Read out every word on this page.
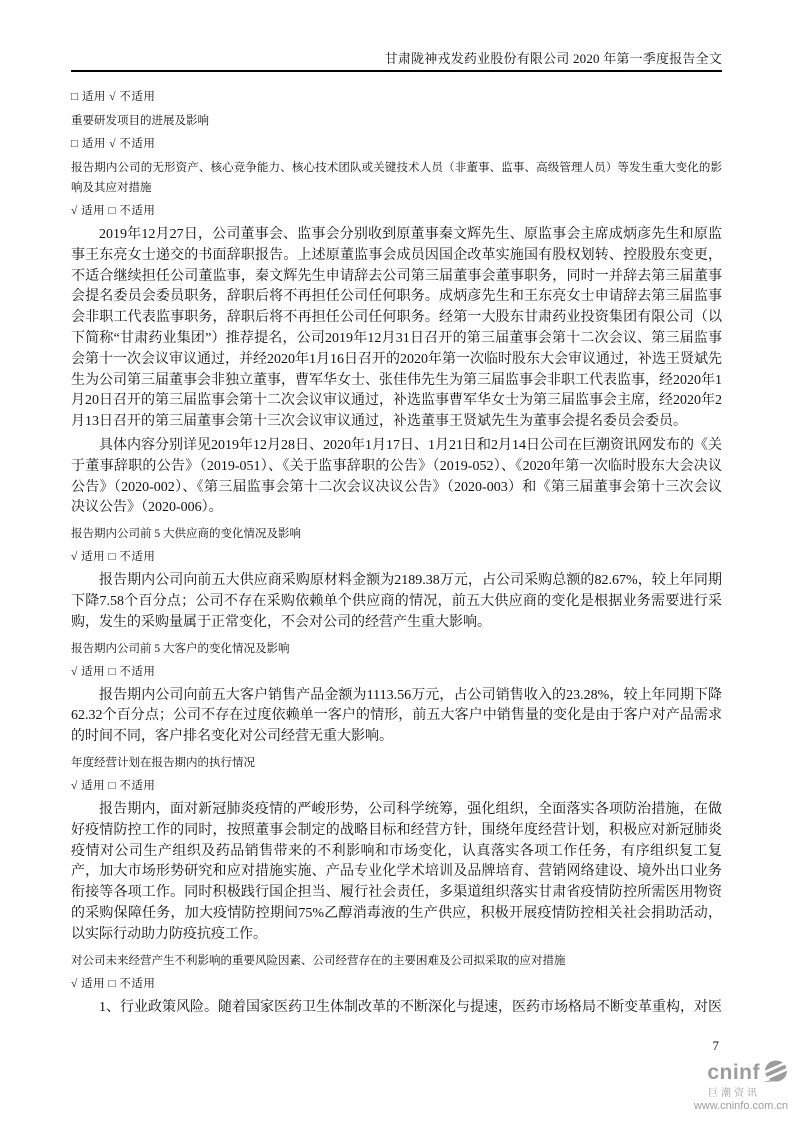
甘肃陇神戎发药业股份有限公司 2020 年第一季度报告全文
□ 适用 √ 不适用
重要研发项目的进展及影响
□ 适用 √ 不适用
报告期内公司的无形资产、核心竞争能力、核心技术团队或关键技术人员（非董事、监事、高级管理人员）等发生重大变化的影响及其应对措施
√ 适用 □ 不适用
2019年12月27日，公司董事会、监事会分别收到原董事秦文辉先生、原监事会主席成炳彦先生和原监事王东亮女士递交的书面辞职报告。上述原董监事会成员因国企改革实施国有股权划转、控股股东变更，不适合继续担任公司董监事，秦文辉先生申请辞去公司第三届董事会董事职务，同时一并辞去第三届董事会提名委员会委员职务，辞职后将不再担任公司任何职务。成炳彦先生和王东亮女士申请辞去第三届监事会非职工代表监事职务，辞职后将不再担任公司任何职务。经第一大股东甘肃药业投资集团有限公司（以下简称“甘肃药业集团”）推荐提名，公司2019年12月31日召开的第三届董事会第十二次会议、第三届监事会第十一次会议审议通过，并经2020年1月16日召开的2020年第一次临时股东大会审议通过，补选王贤斌先生为公司第三届董事会非独立董事，曹军华女士、张佳伟先生为第三届监事会非职工代表监事，经2020年1月20日召开的第三届监事会第十二次会议审议通过，补选监事曹军华女士为第三届监事会主席，经2020年2月13日召开的第三届董事会第十三次会议审议通过，补选董事王贤斌先生为董事会提名委员会委员。
具体内容分别详见2019年12月28日、2020年1月17日、1月21日和2月14日公司在巨潮资讯网发布的《关于董事辞职的公告》（2019-051）、《关于监事辞职的公告》（2019-052）、《2020年第一次临时股东大会决议公告》（2020-002）、《第三届监事会第十二次会议决议公告》（2020-003）和《第三届董事会第十三次会议决议公告》（2020-006）。
报告期内公司前 5 大供应商的变化情况及影响
√ 适用 □ 不适用
报告期内公司向前五大供应商采购原材料金额为2189.38万元，占公司采购总额的82.67%，较上年同期下降7.58个百分点；公司不存在采购依赖单个供应商的情况，前五大供应商的变化是根据业务需要进行采购，发生的采购量属于正常变化，不会对公司的经营产生重大影响。
报告期内公司前 5 大客户的变化情况及影响
√ 适用 □ 不适用
报告期内公司向前五大客户销售产品金额为1113.56万元，占公司销售收入的23.28%，较上年同期下降62.32个百分点；公司不存在过度依赖单一客户的情形，前五大客户中销售量的变化是由于客户对产品需求的时间不同，客户排名变化对公司经营无重大影响。
年度经营计划在报告期内的执行情况
√ 适用 □ 不适用
报告期内，面对新冠肺炎疫情的严峻形势，公司科学统筹，强化组织，全面落实各项防治措施，在做好疫情防控工作的同时，按照董事会制定的战略目标和经营方针，围绕年度经营计划，积极应对新冠肺炎疫情对公司生产组织及药品销售带来的不利影响和市场变化，认真落实各项工作任务，有序组织复工复产，加大市场形势研究和应对措施实施、产品专业化学术培训及品牌培育、营销网络建设、境外出口业务衔接等各项工作。同时积极践行国企担当、履行社会责任，多渠道组织落实甘肃省疫情防控所需医用物资的采购保障任务，加大疫情防控期间75%乙醇消毒液的生产供应，积极开展疫情防控相关社会捐助活动，以实际行动助力防疫抗疫工作。
对公司未来经营产生不利影响的重要风险因素、公司经营存在的主要困难及公司拟采取的应对措施
√ 适用 □ 不适用
1、行业政策风险。随着国家医药卫生体制改革的不断深化与提速，医药市场格局不断变革重构，对医
7
cninf
巨潮资讯
www.cninfo.com.cn
